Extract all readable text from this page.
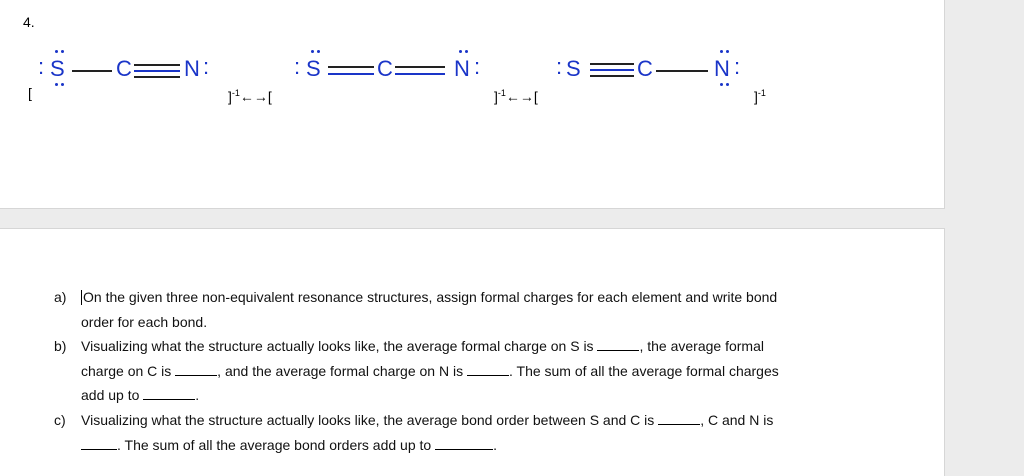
4.
[
: S C N :
]$^{-1}$←→[
: S	C	N :
]$^{-1}$←→[
: S	C	N :
]$^{-1}$
a) On the given three non-equivalent resonance structures, assign formal charges for each element and write bond
order for each bond.
b) Visualizing what the structure actually looks like, the average formal charge on S is	, the average formal
charge on C is	, and the average formal charge on N is	. The sum of all the average formal charges
add up to	.
c) Visualizing what the structure actually looks like, the average bond order between S and C is	, C and N is
. The sum of all the average bond orders add up to	.
